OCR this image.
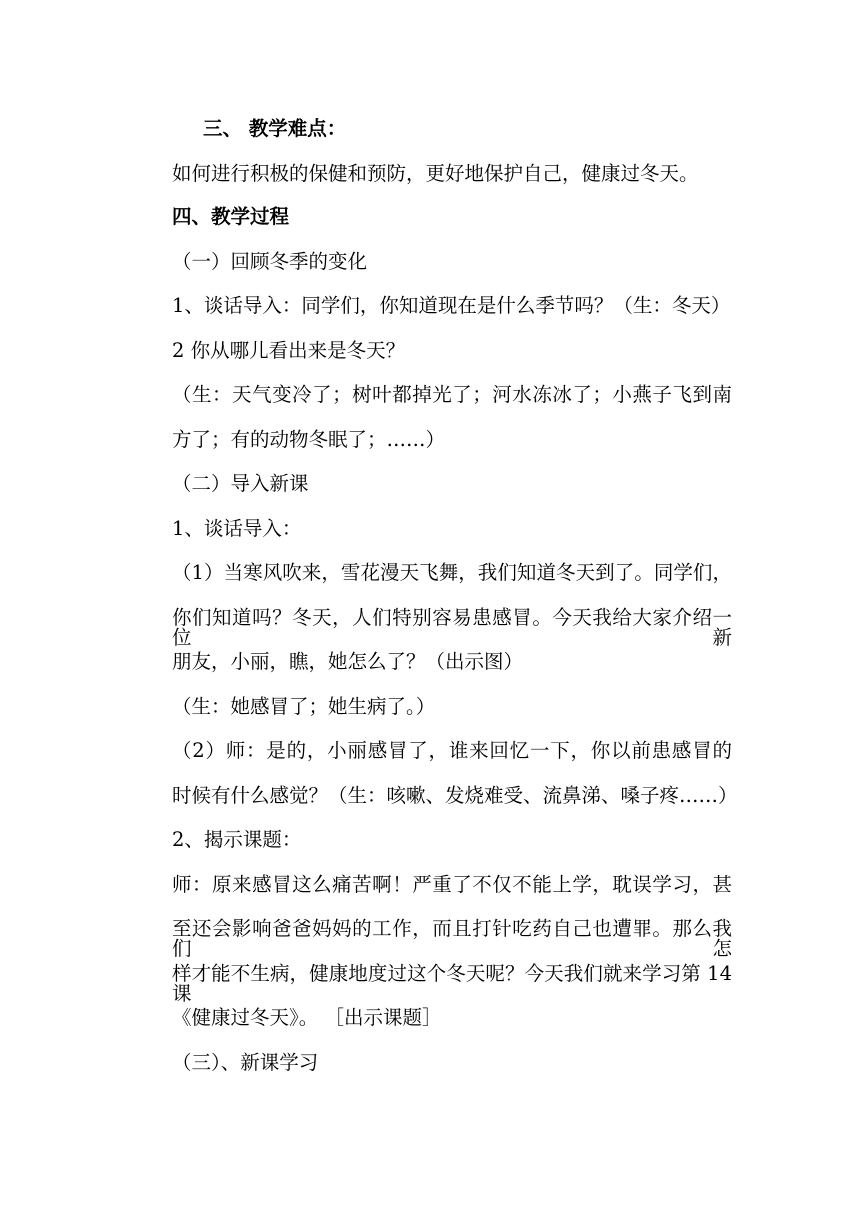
三、 教学难点：
如何进行积极的保健和预防，更好地保护自己，健康过冬天。
四、教学过程
（一）回顾冬季的变化
1、谈话导入：同学们，你知道现在是什么季节吗？（生：冬天）
2 你从哪儿看出来是冬天？
（生：天气变冷了；树叶都掉光了；河水冻冰了；小燕子飞到南
方了；有的动物冬眠了；……）
（二）导入新课
1、谈话导入：
（1）当寒风吹来，雪花漫天飞舞，我们知道冬天到了。同学们，
你们知道吗？冬天，人们特别容易患感冒。今天我给大家介绍一位新
朋友，小丽，瞧，她怎么了？（出示图）
（生：她感冒了；她生病了。）
（2）师：是的，小丽感冒了，谁来回忆一下，你以前患感冒的
时候有什么感觉？（生：咳嗽、发烧难受、流鼻涕、嗓子疼……）
2、揭示课题：
师：原来感冒这么痛苦啊！严重了不仅不能上学，耽误学习，甚
至还会影响爸爸妈妈的工作，而且打针吃药自己也遭罪。那么我们怎
样才能不生病，健康地度过这个冬天呢？今天我们就来学习第 14 课
《健康过冬天》。 ［出示课题］
（三）、新课学习
